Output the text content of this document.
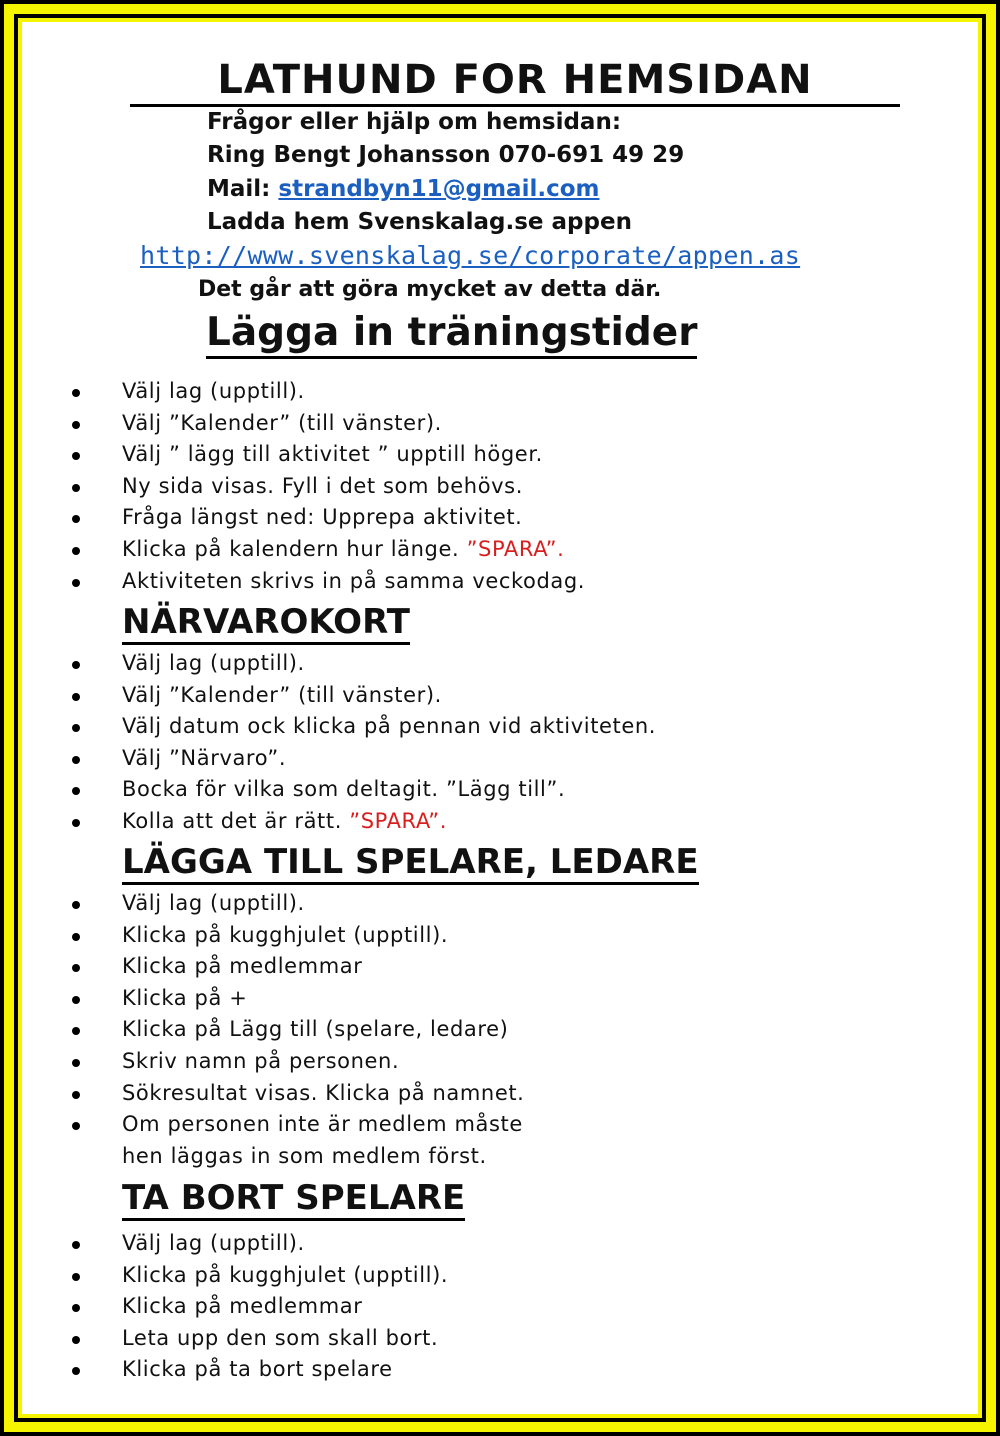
LATHUND FOR HEMSIDAN
Frågor eller hjälp om hemsidan:
Ring Bengt Johansson 070-691 49 29
Mail: strandbyn11@gmail.com
Ladda hem Svenskalag.se appen
http://www.svenskalag.se/corporate/appen.as
Det går att göra mycket av detta där.
Lägga in träningstider
Välj lag (upptill).
Välj ”Kalender” (till vänster).
Välj ” lägg till aktivitet ” upptill höger.
Ny sida visas. Fyll i det som behövs.
Fråga längst ned: Upprepa aktivitet.
Klicka på kalendern hur länge. ”SPARA”.
Aktiviteten skrivs in på samma veckodag.
NÄRVAROKORT
Välj lag (upptill).
Välj ”Kalender” (till vänster).
Välj datum ock klicka på pennan vid aktiviteten.
Välj ”Närvaro”.
Bocka för vilka som deltagit. ”Lägg till”.
Kolla att det är rätt. ”SPARA”.
LÄGGA TILL SPELARE, LEDARE
Välj lag (upptill).
Klicka på kugghjulet (upptill).
Klicka på medlemmar
Klicka på +
Klicka på Lägg till (spelare, ledare)
Skriv namn på personen.
Sökresultat visas. Klicka på namnet.
Om personen inte är medlem måste
hen läggas in som medlem först.
TA BORT SPELARE
Välj lag (upptill).
Klicka på kugghjulet (upptill).
Klicka på medlemmar
Leta upp den som skall bort.
Klicka på ta bort spelare
